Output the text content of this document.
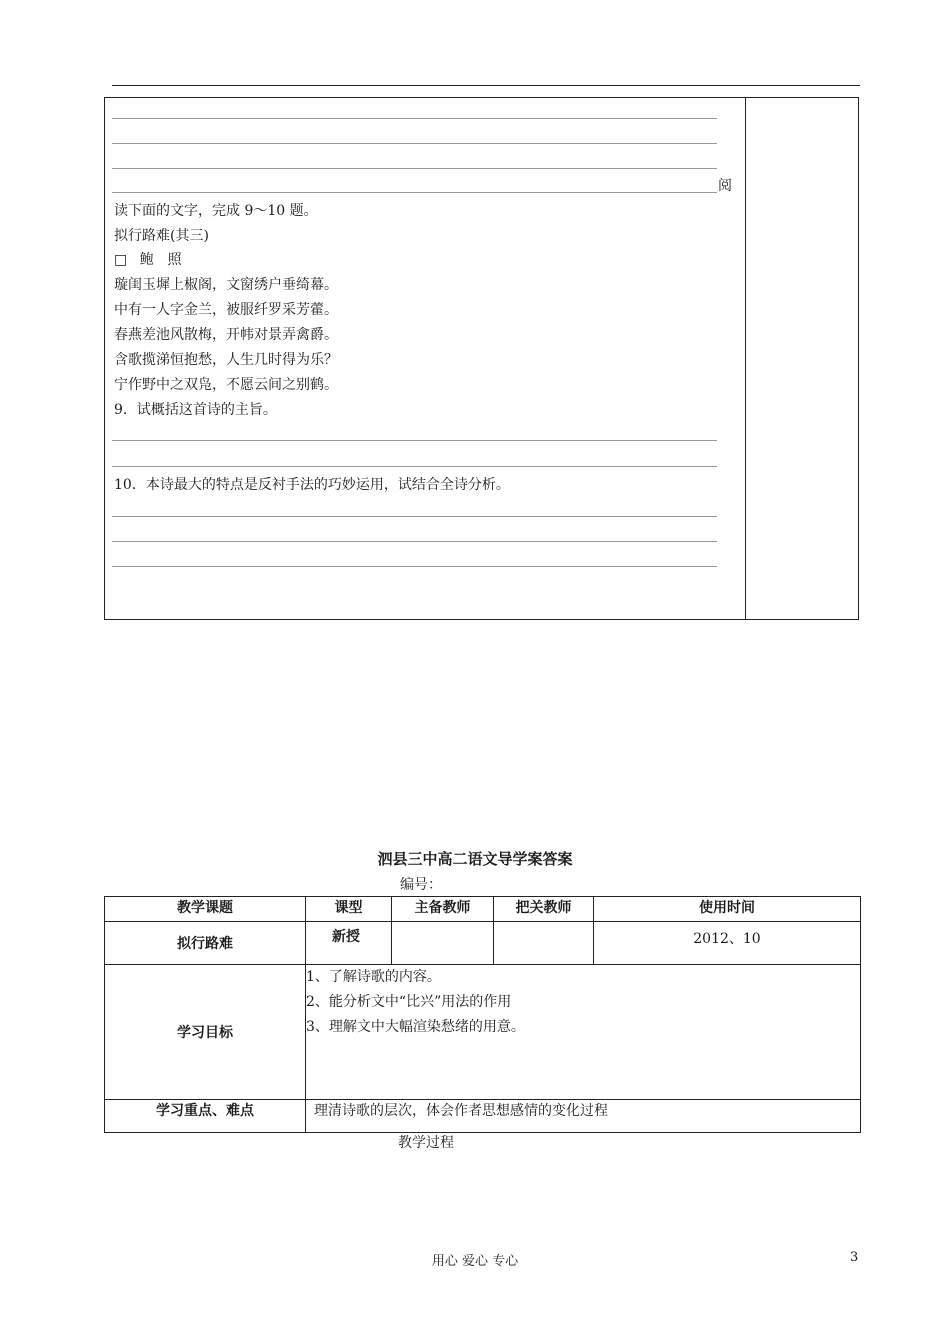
阅
读下面的文字，完成 9～10 题。
拟行路难(其三)
□ 鲍　照
璇闺玉墀上椒阁，文窗绣户垂绮幕。
中有一人字金兰，被服纤罗采芳藿。
春燕差池风散梅，开帏对景弄禽爵。
含歌揽涕恒抱愁，人生几时得为乐？
宁作野中之双凫，不愿云间之别鹤。
9．试概括这首诗的主旨。
10．本诗最大的特点是反衬手法的巧妙运用，试结合全诗分析。
泗县三中高二语文导学案答案
编号：
教学课题	课型	主备教师	把关教师	使用时间
拟行路难	新授			2012、10
学习目标	1、了解诗歌的内容。
2、能分析文中“比兴”用法的作用
3、理解文中大幅渲染愁绪的用意。			

学习重点、难点	理清诗歌的层次，体会作者思想感情的变化过程			
教学过程
用心 爱心 专心	3
